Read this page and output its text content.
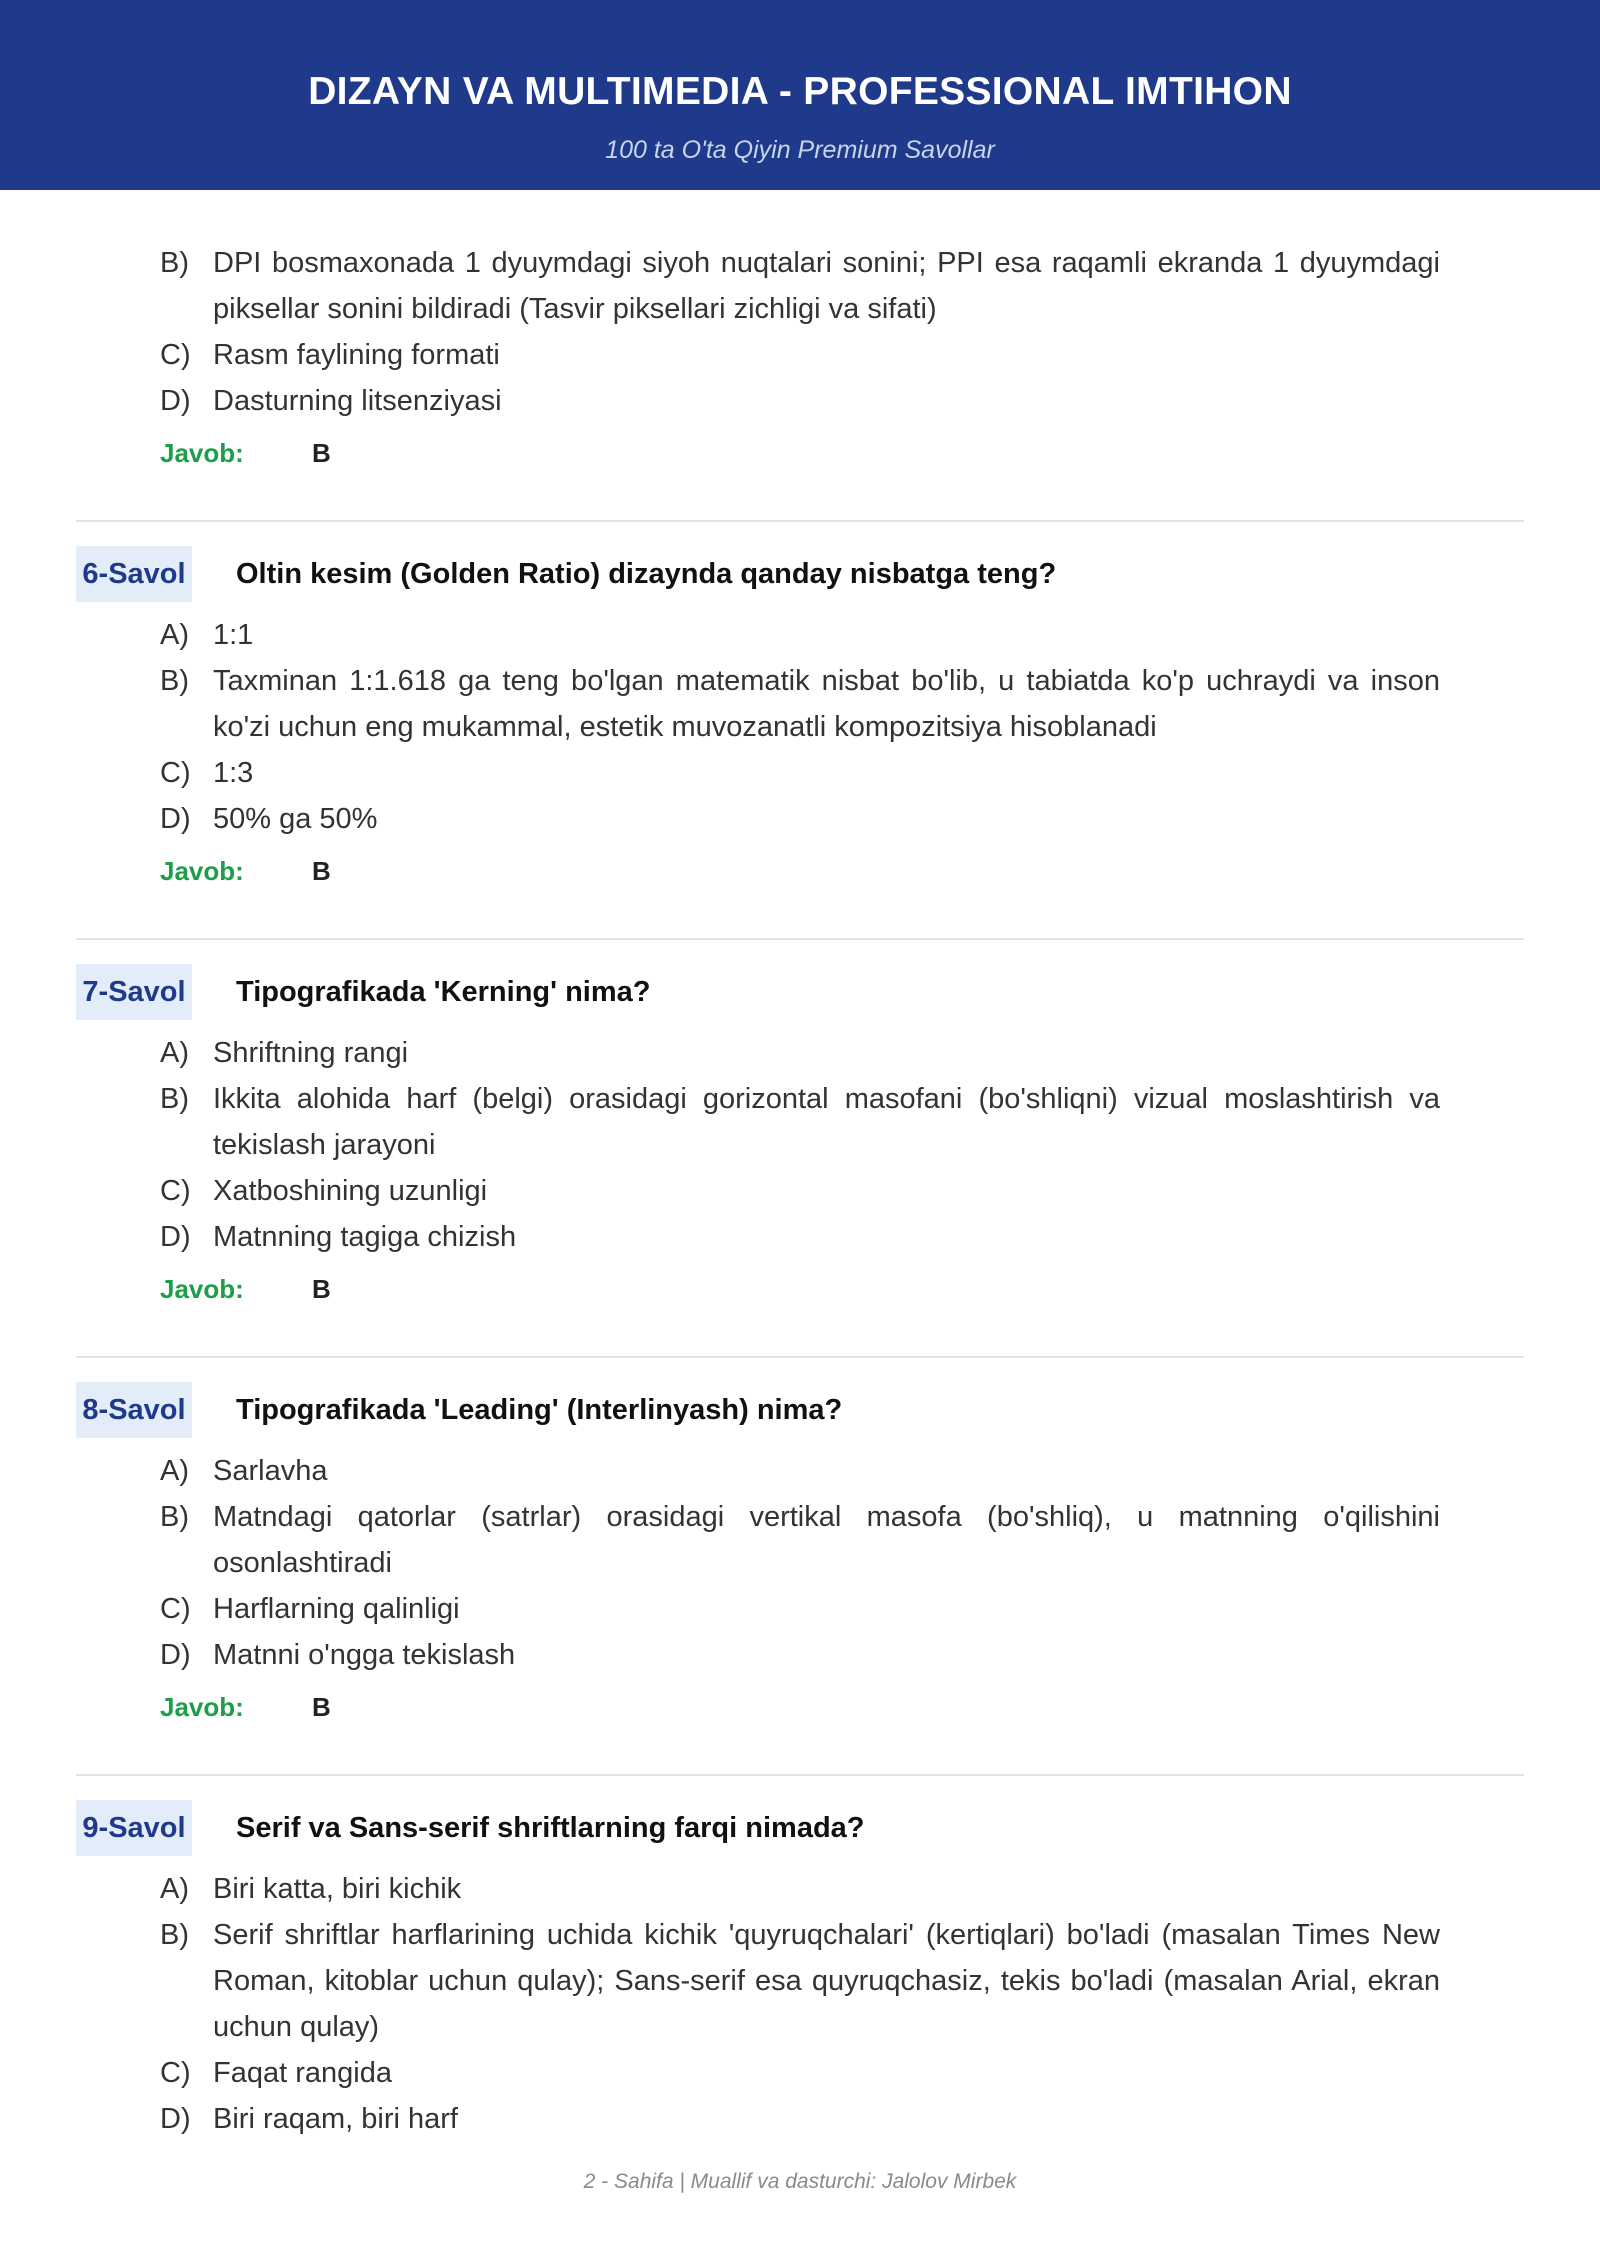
DIZAYN VA MULTIMEDIA - PROFESSIONAL IMTIHON
100 ta O'ta Qiyin Premium Savollar
B) DPI bosmaxonada 1 dyuymdagi siyoh nuqtalari sonini; PPI esa raqamli ekranda 1 dyuymdagi piksellar sonini bildiradi (Tasvir piksellari zichligi va sifati)
C) Rasm faylining formati
D) Dasturning litsenziyasi
Javob:	B
6-Savol Oltin kesim (Golden Ratio) dizaynda qanday nisbatga teng?
A) 1:1
B) Taxminan 1:1.618 ga teng bo'lgan matematik nisbat bo'lib, u tabiatda ko'p uchraydi va inson ko'zi uchun eng mukammal, estetik muvozanatli kompozitsiya hisoblanadi
C) 1:3
D) 50% ga 50%
Javob:	B
7-Savol Tipografikada 'Kerning' nima?
A) Shriftning rangi
B) Ikkita alohida harf (belgi) orasidagi gorizontal masofani (bo'shliqni) vizual moslashtirish va tekislash jarayoni
C) Xatboshining uzunligi
D) Matnning tagiga chizish
Javob:	B
8-Savol Tipografikada 'Leading' (Interlinyash) nima?
A) Sarlavha
B) Matndagi qatorlar (satrlar) orasidagi vertikal masofa (bo'shliq), u matnning o'qilishini osonlashtiradi
C) Harflarning qalinligi
D) Matnni o'ngga tekislash
Javob:	B
9-Savol Serif va Sans-serif shriftlarning farqi nimada?
A) Biri katta, biri kichik
B) Serif shriftlar harflarining uchida kichik 'quyruqchalari' (kertiqlari) bo'ladi (masalan Times New Roman, kitoblar uchun qulay); Sans-serif esa quyruqchasiz, tekis bo'ladi (masalan Arial, ekran uchun qulay)
C) Faqat rangida
D) Biri raqam, biri harf
2 - Sahifa | Muallif va dasturchi: Jalolov Mirbek
